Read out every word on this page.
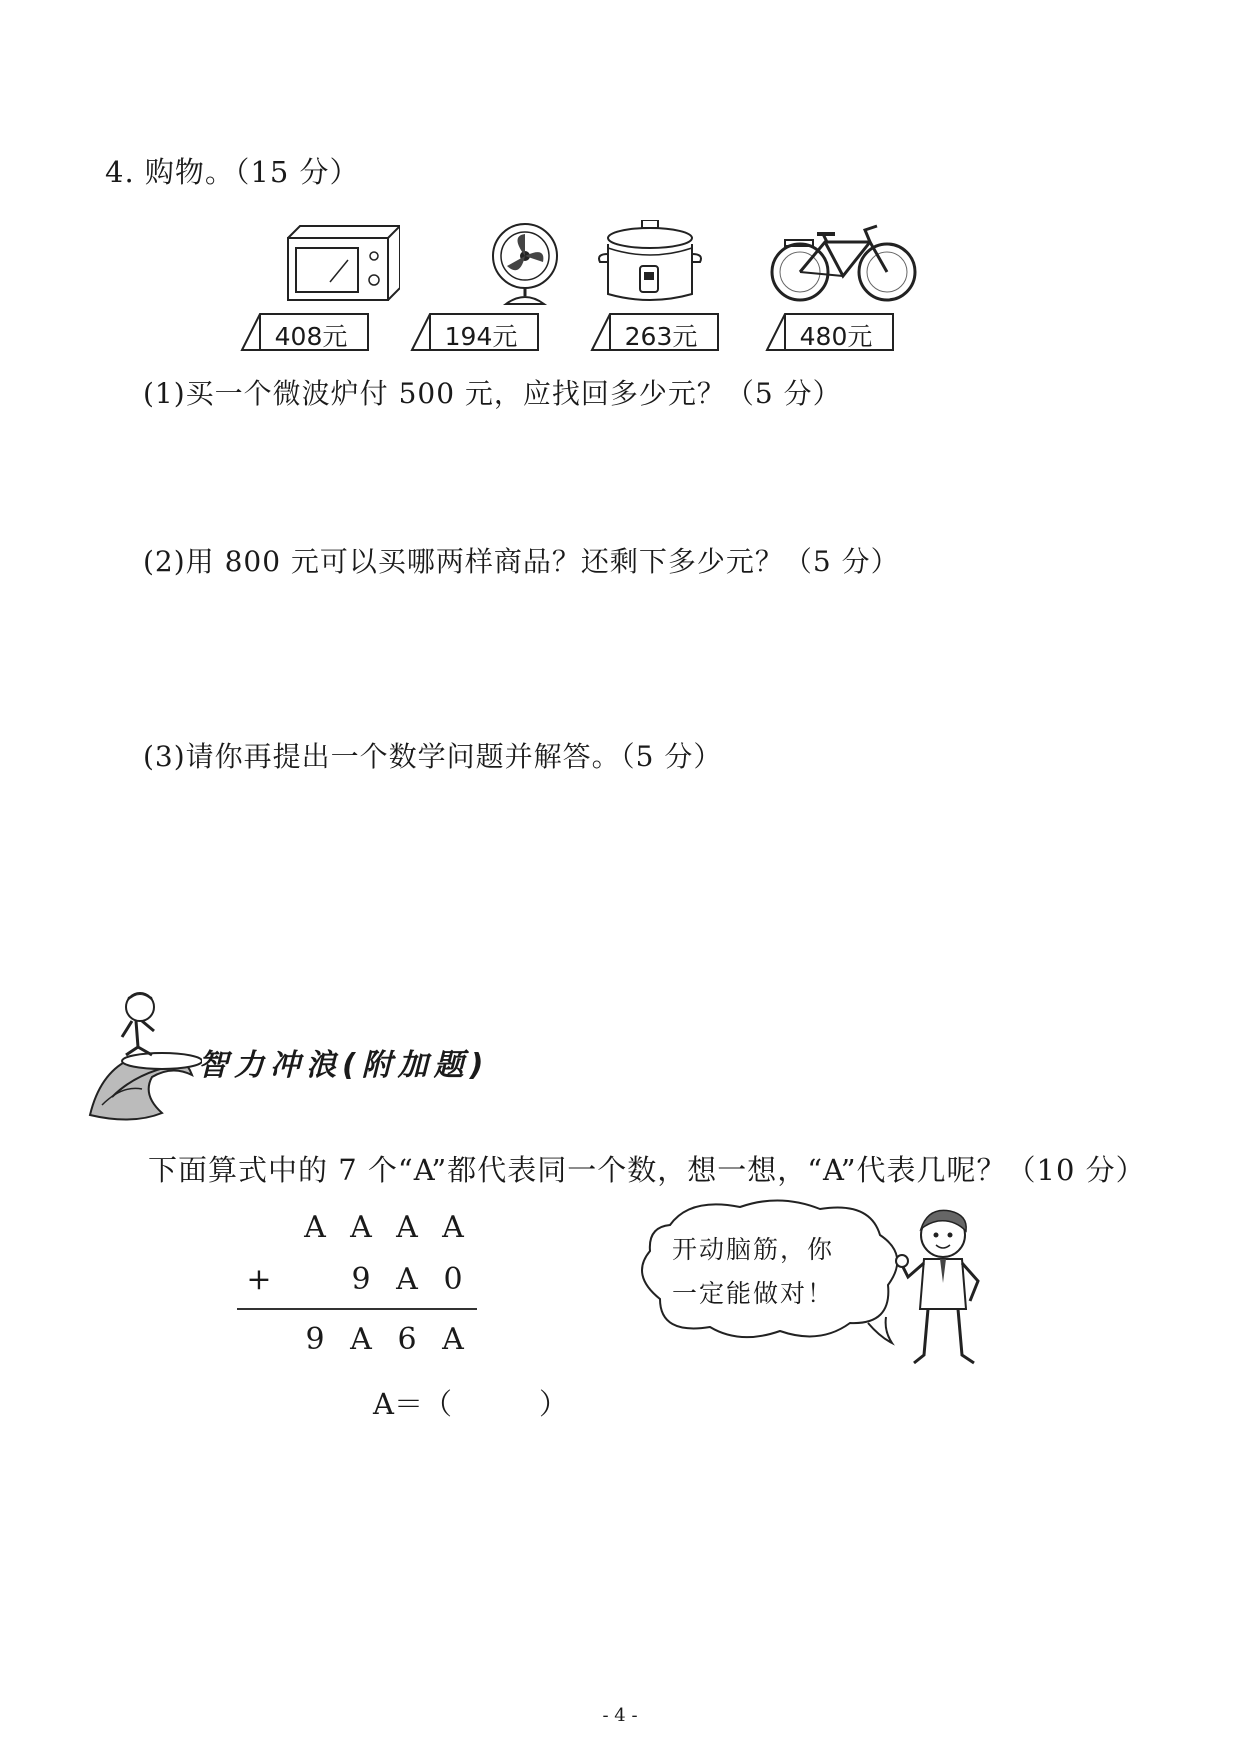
4. 购物。（15 分）
408元	194元	263元	480元
(1)买一个微波炉付 500 元，应找回多少元？（5 分）
(2)用 800 元可以买哪两样商品？还剩下多少元？（5 分）
(3)请你再提出一个数学问题并解答。（5 分）
智力冲浪(附加题)
下面算式中的 7 个“A”都代表同一个数，想一想，“A”代表几呢？（10 分）
A A A A
+	9 A 0
9 A 6 A
A＝（　　　）
开动脑筋，你
一定能做对！
- 4 -
